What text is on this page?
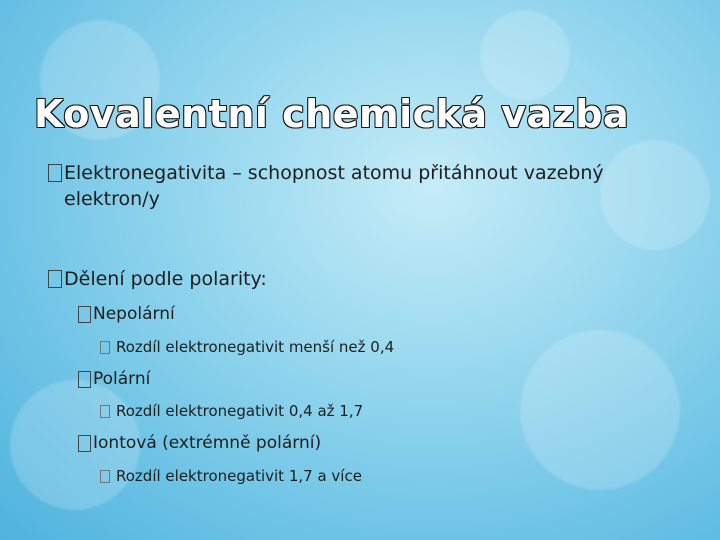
Kovalentní chemická vazba
Elektronegativita – schopnost atomu přitáhnout vazebný elektron/y
Dělení podle polarity:
Nepolární
Rozdíl elektronegativit menší než 0,4
Polární
Rozdíl elektronegativit 0,4 až 1,7
Iontová (extrémně polární)
Rozdíl elektronegativit 1,7 a více
